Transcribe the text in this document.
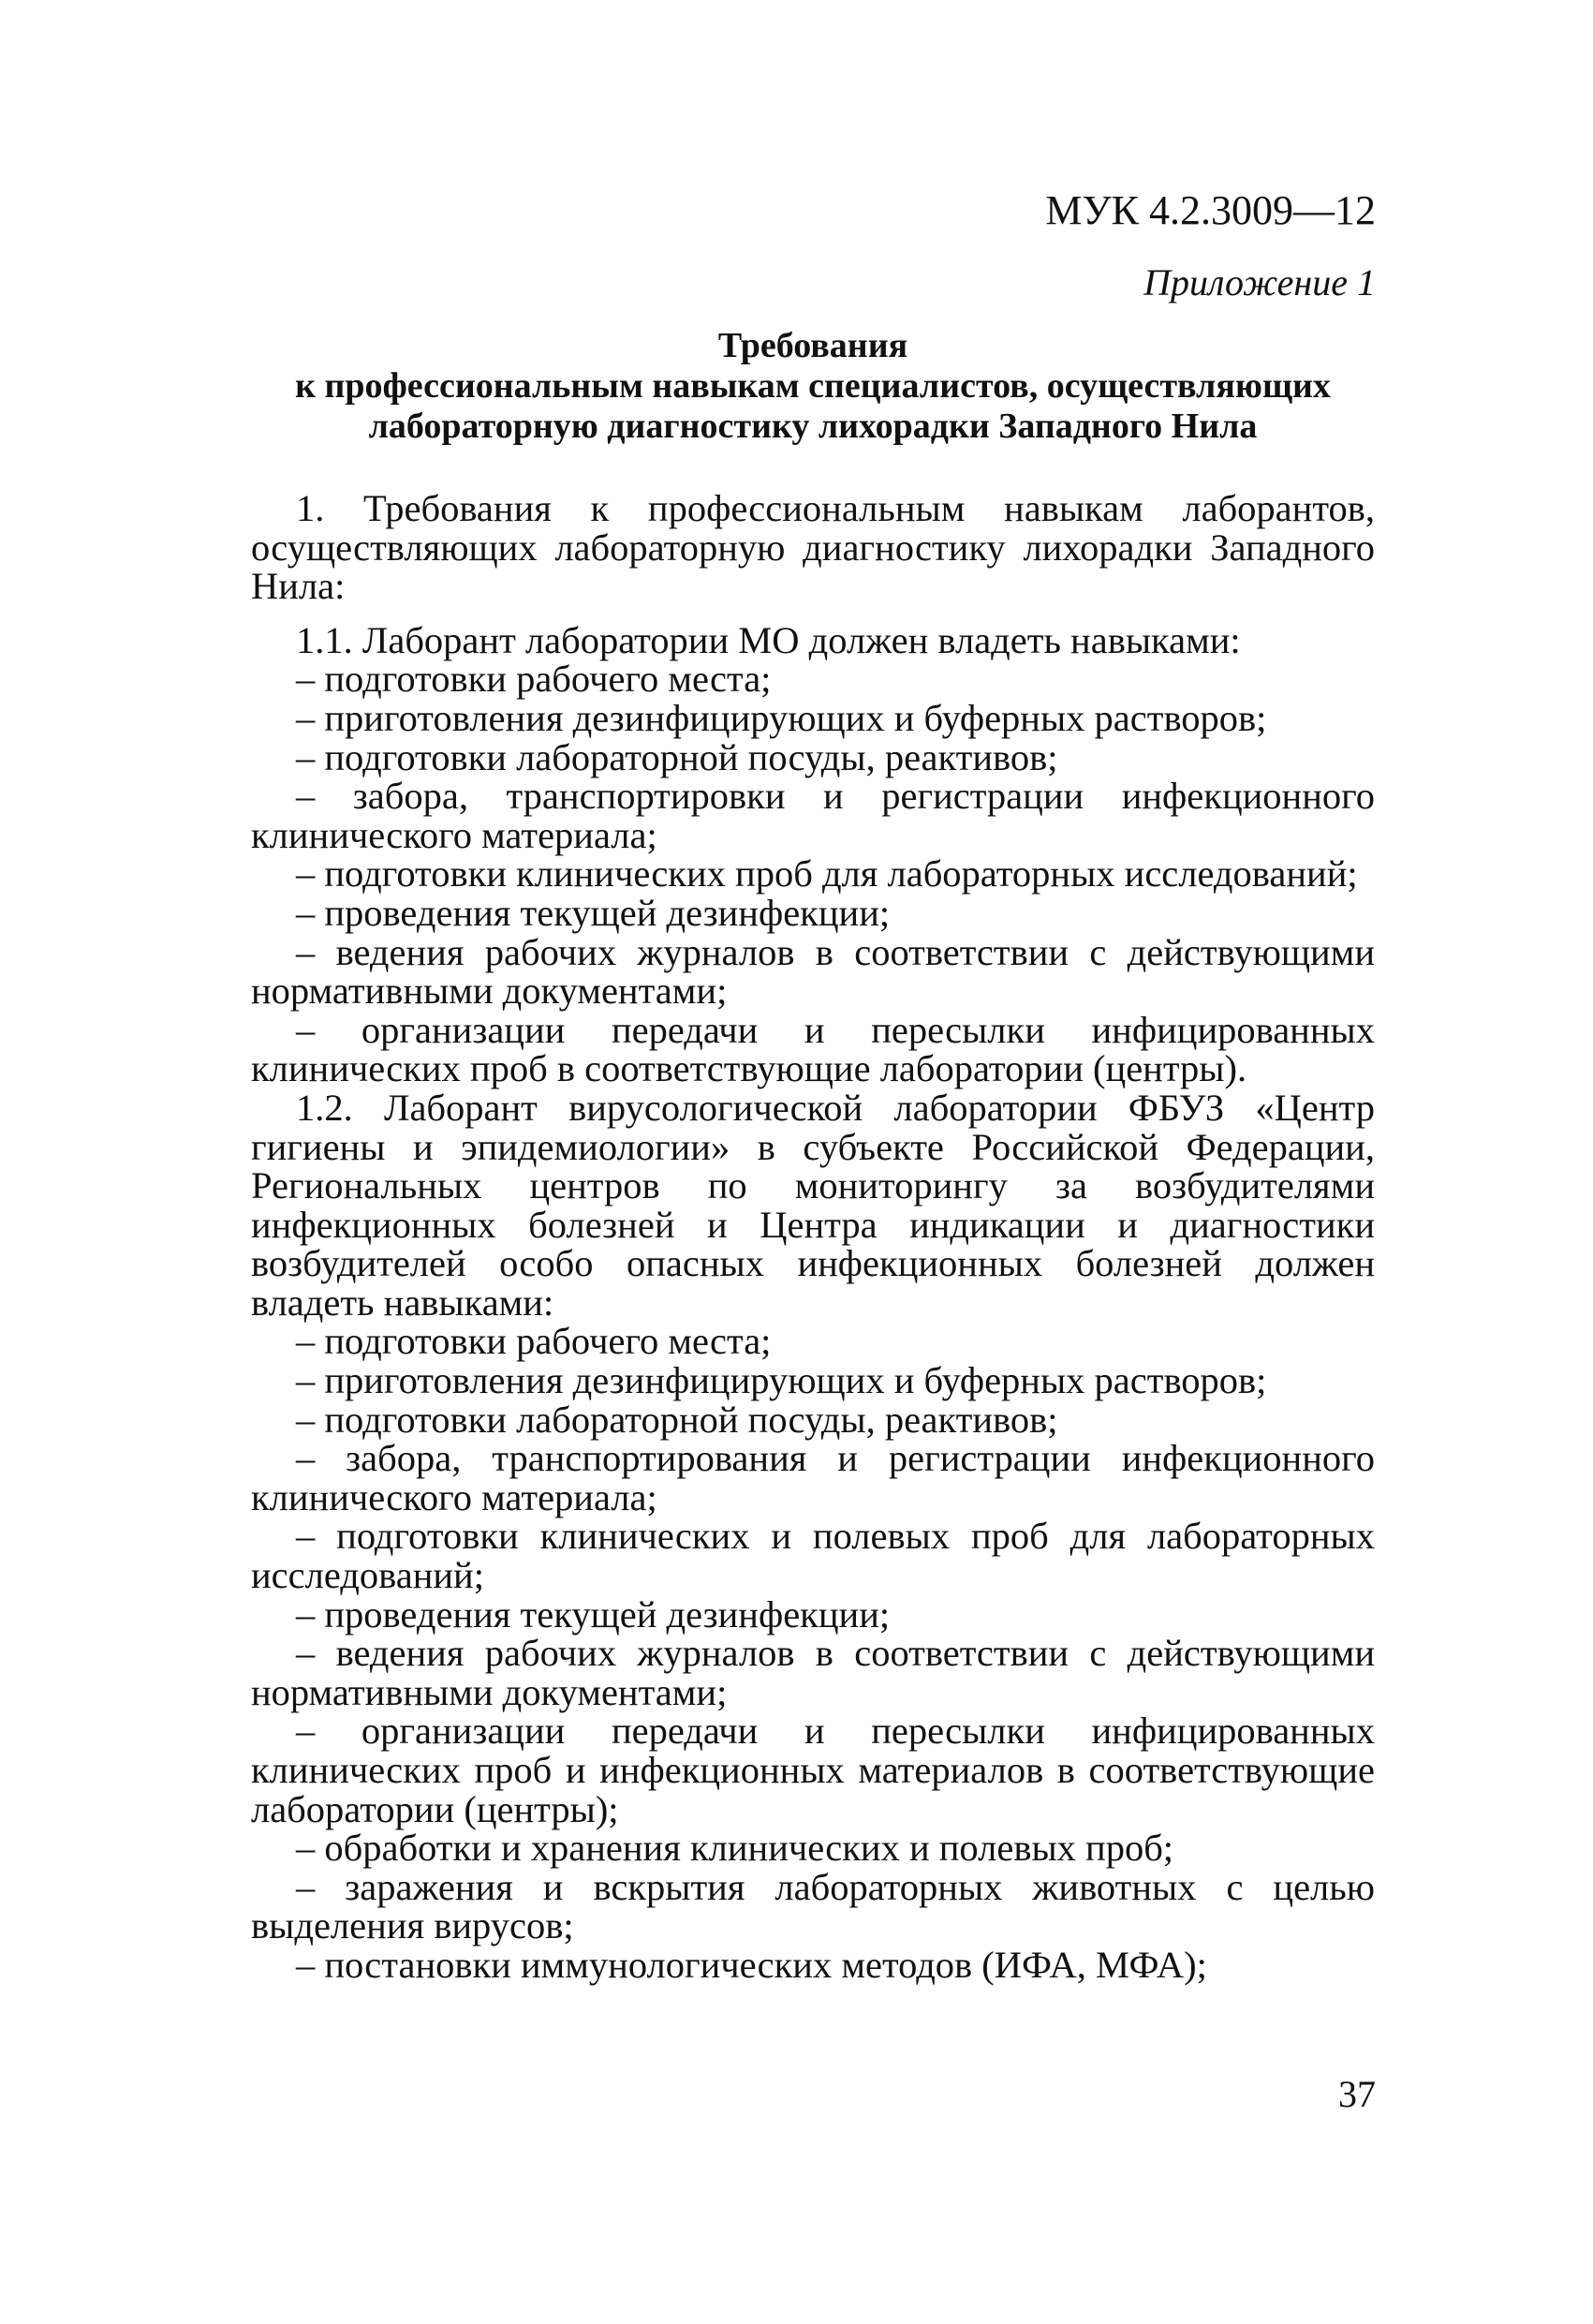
МУК 4.2.3009—12
Приложение 1
Требования
к профессиональным навыкам специалистов, осуществляющих
лабораторную диагностику лихорадки Западного Нила

1. Требования к профессиональным навыкам лаборантов, осуществляющих лабораторную диагностику лихорадки Западного Нила:

1.1. Лаборант лаборатории МО должен владеть навыками:

– подготовки рабочего места;

– приготовления дезинфицирующих и буферных растворов;

– подготовки лабораторной посуды, реактивов;

– забора, транспортировки и регистрации инфекционного клинического материала;

– подготовки клинических проб для лабораторных исследований;

– проведения текущей дезинфекции;

– ведения рабочих журналов в соответствии с действующими нормативными документами;

– организации передачи и пересылки инфицированных клинических проб в соответствующие лаборатории (центры).

1.2. Лаборант вирусологической лаборатории ФБУЗ «Центр гигиены и эпидемиологии» в субъекте Российской Федерации, Региональных центров по мониторингу за возбудителями инфекционных болезней и Центра индикации и диагностики возбудителей особо опасных инфекционных болезней должен владеть навыками:

– подготовки рабочего места;

– приготовления дезинфицирующих и буферных растворов;

– подготовки лабораторной посуды, реактивов;

– забора, транспортирования и регистрации инфекционного клинического материала;

– подготовки клинических и полевых проб для лабораторных исследований;

– проведения текущей дезинфекции;

– ведения рабочих журналов в соответствии с действующими нормативными документами;

– организации передачи и пересылки инфицированных клинических проб и инфекционных материалов в соответствующие лаборатории (центры);

– обработки и хранения клинических и полевых проб;

– заражения и вскрытия лабораторных животных с целью выделения вирусов;

– постановки иммунологических методов (ИФА, МФА);

37
